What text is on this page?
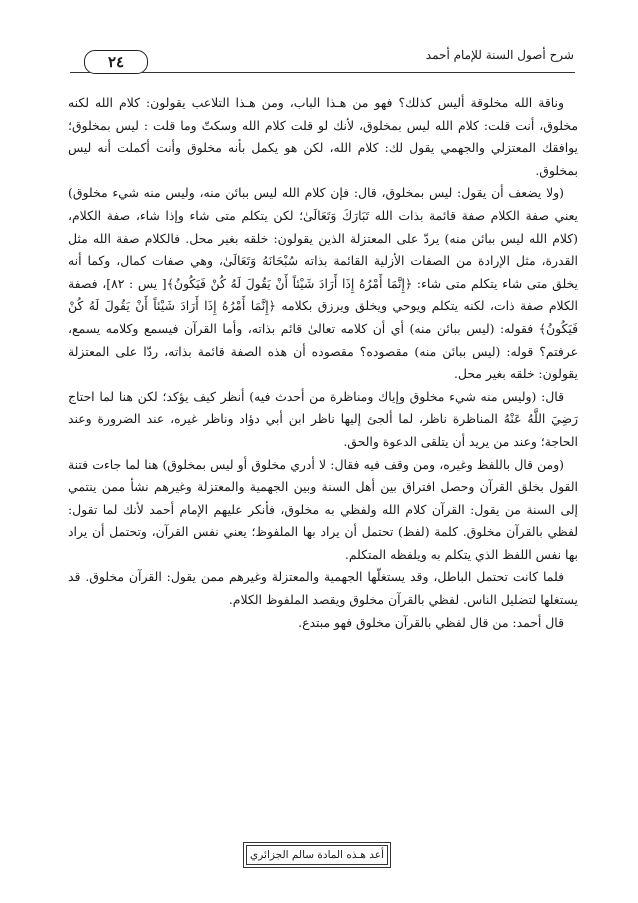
٢٤	شرح أصول السنة للإمام أحمد

وناقة الله مخلوقة أليس كذلك؟ فهو من هـذا الباب، ومن هـذا التلاعب يقولون: كلام الله لكنه مخلوق، أنت قلت: كلام الله ليس بمخلوق، لأنك لو قلت كلام الله وسكتّ وما قلت : ليس بمخلوق؛ يوافقك المعتزلي والجهمي يقول لك: كلام الله، لكن هو يكمل بأنه مخلوق وأنت أكملت أنه ليس بمخلوق.

(ولا يضعف أن يقول: ليس بمخلوق، قال: فإن كلام الله ليس ببائن منه، وليس منه شيء مخلوق) يعني صفة الكلام صفة قائمة بذات الله تَبَارَكَ وَتَعَالَىٰ؛ لكن يتكلم متى شاء وإذا شاء، صفة الكلام، (كلام الله ليس ببائن منه) يردّ على المعتزلة الذين يقولون: خلقه بغير محل. فالكلام صفة الله مثل القدرة، مثل الإرادة من الصفات الأزلية القائمة بذاته سُبْحَانَهُ وَتَعَالَىٰ، وهي صفات كمال، وكما أنه يخلق متى شاء يتكلم متى شاء: ﴿إِنَّمَا أَمْرُهُ إِذَا أَرَادَ شَيْئاً أَنْ يَقُولَ لَهُ كُنْ فَيَكُونُ﴾[ يس : ٨٢]، فصفة الكلام صفة ذات، لكنه يتكلم ويوحي ويخلق ويرزق بكلامه ﴿إِنَّمَا أَمْرُهُ إِذَا أَرَادَ شَيْئاً أَنْ يَقُولَ لَهُ كُنْ فَيَكُونُ﴾ فقوله: (ليس ببائن منه) أي أن كلامه تعالىٰ قائم بذاته، وأما القرآن فيسمع وكلامه يسمع، عرفتم؟ قوله: (ليس ببائن منه) مقصوده؟ مقصوده أن هذه الصفة قائمة بذاته، ردّا على المعتزلة يقولون: خلقه بغير محل.

قال: (وليس منه شيء مخلوق وإياك ومناظرة من أحدث فيه) أنظر كيف يؤكد؛ لكن هنا لما احتاج رَضِيَ اللَّهُ عَنْهُ المناظرة ناظر، لما ألجئ إليها ناظر ابن أبي دؤاد وناظر غيره، عند الضرورة وعند الحاجة؛ وعند من يريد أن يتلقى الدعوة والحق.

(ومن قال باللفظ وغيره، ومن وقف فيه فقال: لا أدري مخلوق أو ليس بمخلوق) هنا لما جاءت فتنة القول بخلق القرآن وحصل افتراق بين أهل السنة وبين الجهمية والمعتزلة وغيرهم نشأ ممن ينتمي إلى السنة من يقول: القرآن كلام الله ولفظي به مخلوق، فأنكر عليهم الإمام أحمد لأنك لما تقول: لفظي بالقرآن مخلوق. كلمة (لفظ) تحتمل أن يراد بها الملفوظ؛ يعني نفس القرآن، وتحتمل أن يراد بها نفس اللفظ الذي يتكلم به ويلفظه المتكلم.

فلما كانت تحتمل الباطل، وقد يستغلّها الجهمية والمعتزلة وغيرهم ممن يقول: القرآن مخلوق. قد يستغلها لتضليل الناس. لفظي بالقرآن مخلوق ويقصد الملفوظ الكلام.

قال أحمد: من قال لفظي بالقرآن مخلوق فهو مبتدع.

أعد هـذه المادة سالم الجزائري
